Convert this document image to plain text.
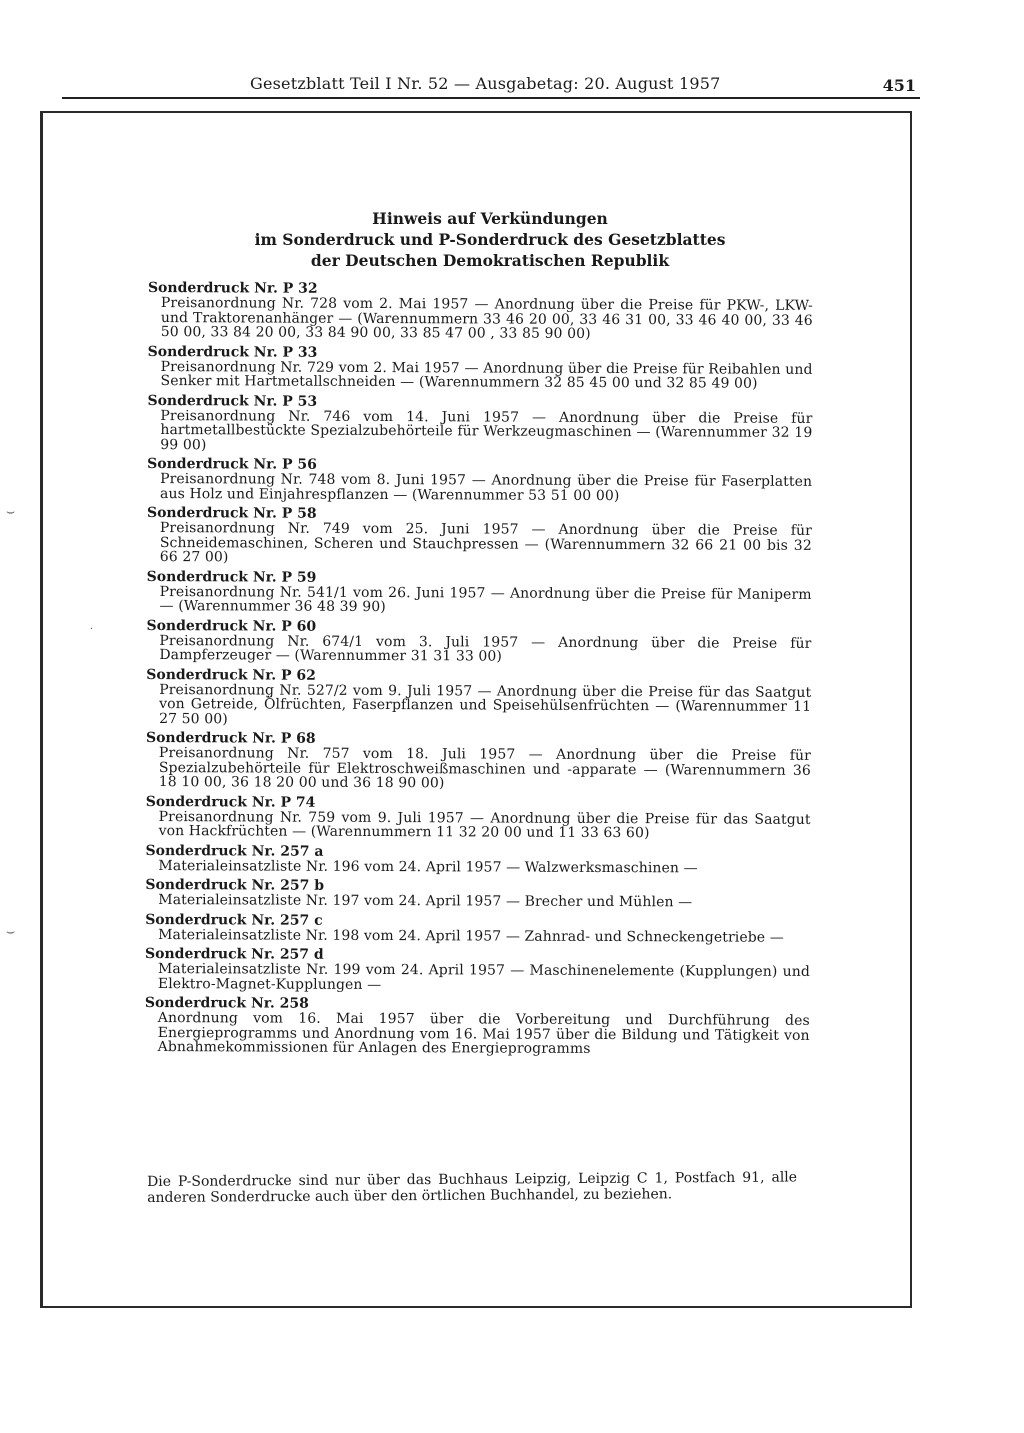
Gesetzblatt Teil I Nr. 52 — Ausgabetag: 20. August 1957	451
Hinweis auf Verkündungen
im Sonderdruck und P-Sonderdruck des Gesetzblattes
der Deutschen Demokratischen Republik
Sonderdruck Nr. P 32
Preisanordnung Nr. 728 vom 2. Mai 1957 — Anordnung über die Preise für PKW-, LKW- und Traktorenanhänger — (Warennummern 33 46 20 00, 33 46 31 00, 33 46 40 00, 33 46 50 00, 33 84 20 00, 33 84 90 00, 33 85 47 00 , 33 85 90 00)
Sonderdruck Nr. P 33
Preisanordnung Nr. 729 vom 2. Mai 1957 — Anordnung über die Preise für Reibahlen und Senker mit Hartmetallschneiden — (Warennummern 32 85 45 00 und 32 85 49 00)
Sonderdruck Nr. P 53
Preisanordnung Nr. 746 vom 14. Juni 1957 — Anordnung über die Preise für hartmetallbestückte Spezialzubehörteile für Werkzeugmaschinen — (Warennummer 32 19 99 00)
Sonderdruck Nr. P 56
Preisanordnung Nr. 748 vom 8. Juni 1957 — Anordnung über die Preise für Faserplatten aus Holz und Einjahrespflanzen — (Warennummer 53 51 00 00)
Sonderdruck Nr. P 58
Preisanordnung Nr. 749 vom 25. Juni 1957 — Anordnung über die Preise für Schneidemaschinen, Scheren und Stauchpressen — (Warennummern 32 66 21 00 bis 32 66 27 00)
Sonderdruck Nr. P 59
Preisanordnung Nr. 541/1 vom 26. Juni 1957 — Anordnung über die Preise für Maniperm — (Warennummer 36 48 39 90)
Sonderdruck Nr. P 60
Preisanordnung Nr. 674/1 vom 3. Juli 1957 — Anordnung über die Preise für Dampferzeuger — (Warennummer 31 31 33 00)
Sonderdruck Nr. P 62
Preisanordnung Nr. 527/2 vom 9. Juli 1957 — Anordnung über die Preise für das Saatgut von Getreide, Ölfrüchten, Faserpflanzen und Speisehülsenfrüchten — (Warennummer 11 27 50 00)
Sonderdruck Nr. P 68
Preisanordnung Nr. 757 vom 18. Juli 1957 — Anordnung über die Preise für Spezialzubehörteile für Elektroschweißmaschinen und -apparate — (Warennummern 36 18 10 00, 36 18 20 00 und 36 18 90 00)
Sonderdruck Nr. P 74
Preisanordnung Nr. 759 vom 9. Juli 1957 — Anordnung über die Preise für das Saatgut von Hackfrüchten — (Warennummern 11 32 20 00 und 11 33 63 60)
Sonderdruck Nr. 257 a
Materialeinsatzliste Nr. 196 vom 24. April 1957 — Walzwerksmaschinen —
Sonderdruck Nr. 257 b
Materialeinsatzliste Nr. 197 vom 24. April 1957 — Brecher und Mühlen —
Sonderdruck Nr. 257 c
Materialeinsatzliste Nr. 198 vom 24. April 1957 — Zahnrad- und Schneckengetriebe —
Sonderdruck Nr. 257 d
Materialeinsatzliste Nr. 199 vom 24. April 1957 — Maschinenelemente (Kupplungen) und Elektro-Magnet-Kupplungen —
Sonderdruck Nr. 258
Anordnung vom 16. Mai 1957 über die Vorbereitung und Durchführung des Energieprogramms und Anordnung vom 16. Mai 1957 über die Bildung und Tätigkeit von Abnahmekommissionen für Anlagen des Energieprogramms
Die P-Sonderdrucke sind nur über das Buchhaus Leipzig, Leipzig C 1, Postfach 91, alle anderen Sonderdrucke auch über den örtlichen Buchhandel, zu beziehen.
⌣
⌣
·
